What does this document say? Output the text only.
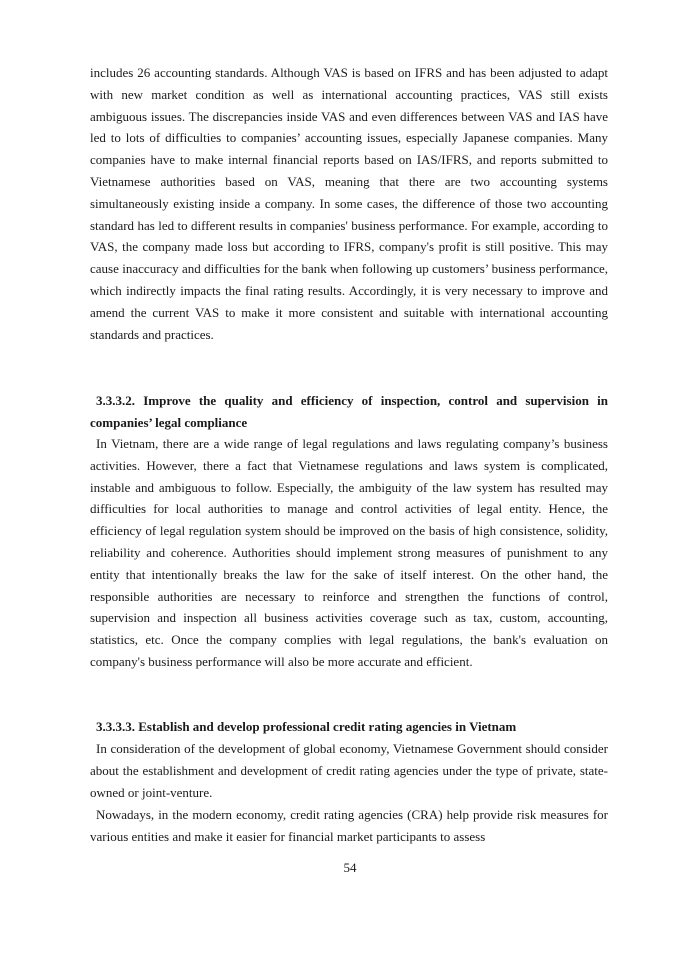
includes 26 accounting standards. Although VAS is based on IFRS and has been adjusted to adapt with new market condition as well as international accounting practices, VAS still exists ambiguous issues. The discrepancies inside VAS and even differences between VAS and IAS have led to lots of difficulties to companies’ accounting issues, especially Japanese companies. Many companies have to make internal financial reports based on IAS/IFRS, and reports submitted to Vietnamese authorities based on VAS, meaning that there are two accounting systems simultaneously existing inside a company. In some cases, the difference of those two accounting standard has led to different results in companies' business performance. For example, according to VAS, the company made loss but according to IFRS, company's profit is still positive. This may cause inaccuracy and difficulties for the bank when following up customers’ business performance, which indirectly impacts the final rating results. Accordingly, it is very necessary to improve and amend the current VAS to make it more consistent and suitable with international accounting standards and practices.

3.3.3.2. Improve the quality and efficiency of inspection, control and supervision in companies’ legal compliance

In Vietnam, there are a wide range of legal regulations and laws regulating company’s business activities. However, there a fact that Vietnamese regulations and laws system is complicated, instable and ambiguous to follow. Especially, the ambiguity of the law system has resulted may difficulties for local authorities to manage and control activities of legal entity. Hence, the efficiency of legal regulation system should be improved on the basis of high consistence, solidity, reliability and coherence. Authorities should implement strong measures of punishment to any entity that intentionally breaks the law for the sake of itself interest. On the other hand, the responsible authorities are necessary to reinforce and strengthen the functions of control, supervision and inspection all business activities coverage such as tax, custom, accounting, statistics, etc. Once the company complies with legal regulations, the bank's evaluation on company's business performance will also be more accurate and efficient.

3.3.3.3. Establish and develop professional credit rating agencies in Vietnam

In consideration of the development of global economy, Vietnamese Government should consider about the establishment and development of credit rating agencies under the type of private, state-owned or joint-venture.

Nowadays, in the modern economy, credit rating agencies (CRA) help provide risk measures for various entities and make it easier for financial market participants to assess

54
